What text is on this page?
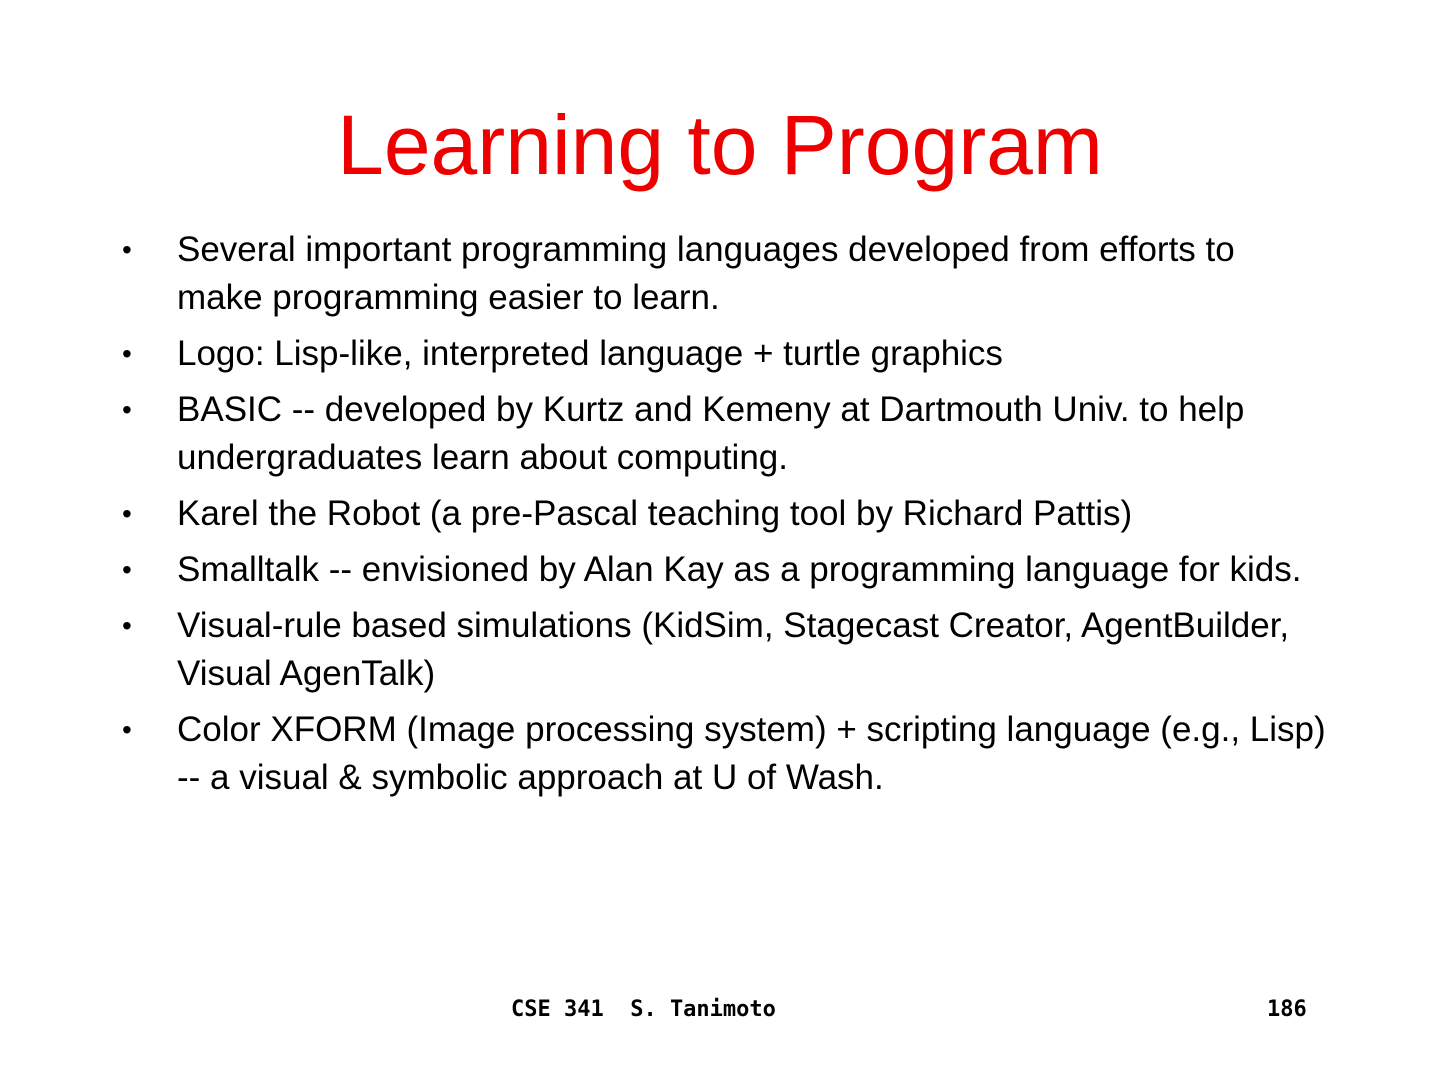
Learning to Program
• Several important programming languages developed from efforts to make programming easier to learn.
• Logo: Lisp-like, interpreted language + turtle graphics
• BASIC -- developed by Kurtz and Kemeny at Dartmouth Univ. to help undergraduates learn about computing.
• Karel the Robot (a pre-Pascal teaching tool by Richard Pattis)
• Smalltalk -- envisioned by Alan Kay as a programming language for kids.
• Visual-rule based simulations (KidSim, Stagecast Creator, AgentBuilder, Visual AgenTalk)
• Color XFORM (Image processing system) + scripting language (e.g., Lisp) -- a visual & symbolic approach at U of Wash.
CSE 341  S. Tanimoto	186
